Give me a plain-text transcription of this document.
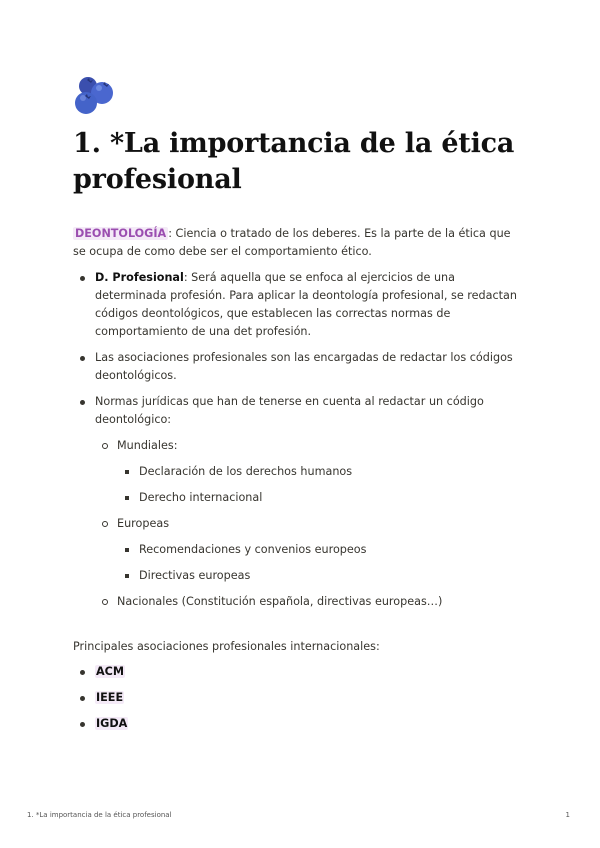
1. *La importancia de la ética profesional

DEONTOLOGÍA : Ciencia o tratado de los deberes. Es la parte de la ética que se ocupa de como debe ser el comportamiento ético.

D. Profesional: Será aquella que se enfoca al ejercicios de una determinada profesión. Para aplicar la deontología profesional, se redactan códigos deontológicos, que establecen las correctas normas de comportamiento de una det profesión.
Las asociaciones profesionales son las encargadas de redactar los códigos deontológicos.
Normas jurídicas que han de tenerse en cuenta al redactar un código deontológico:
Mundiales:
Declaración de los derechos humanos
Derecho internacional
Europeas
Recomendaciones y convenios europeos
Directivas europeas
Nacionales (Constitución española, directivas europeas…)

Principales asociaciones profesionales internacionales:

ACM
IEEE
IGDA
1. *La importancia de la ética profesional	1
